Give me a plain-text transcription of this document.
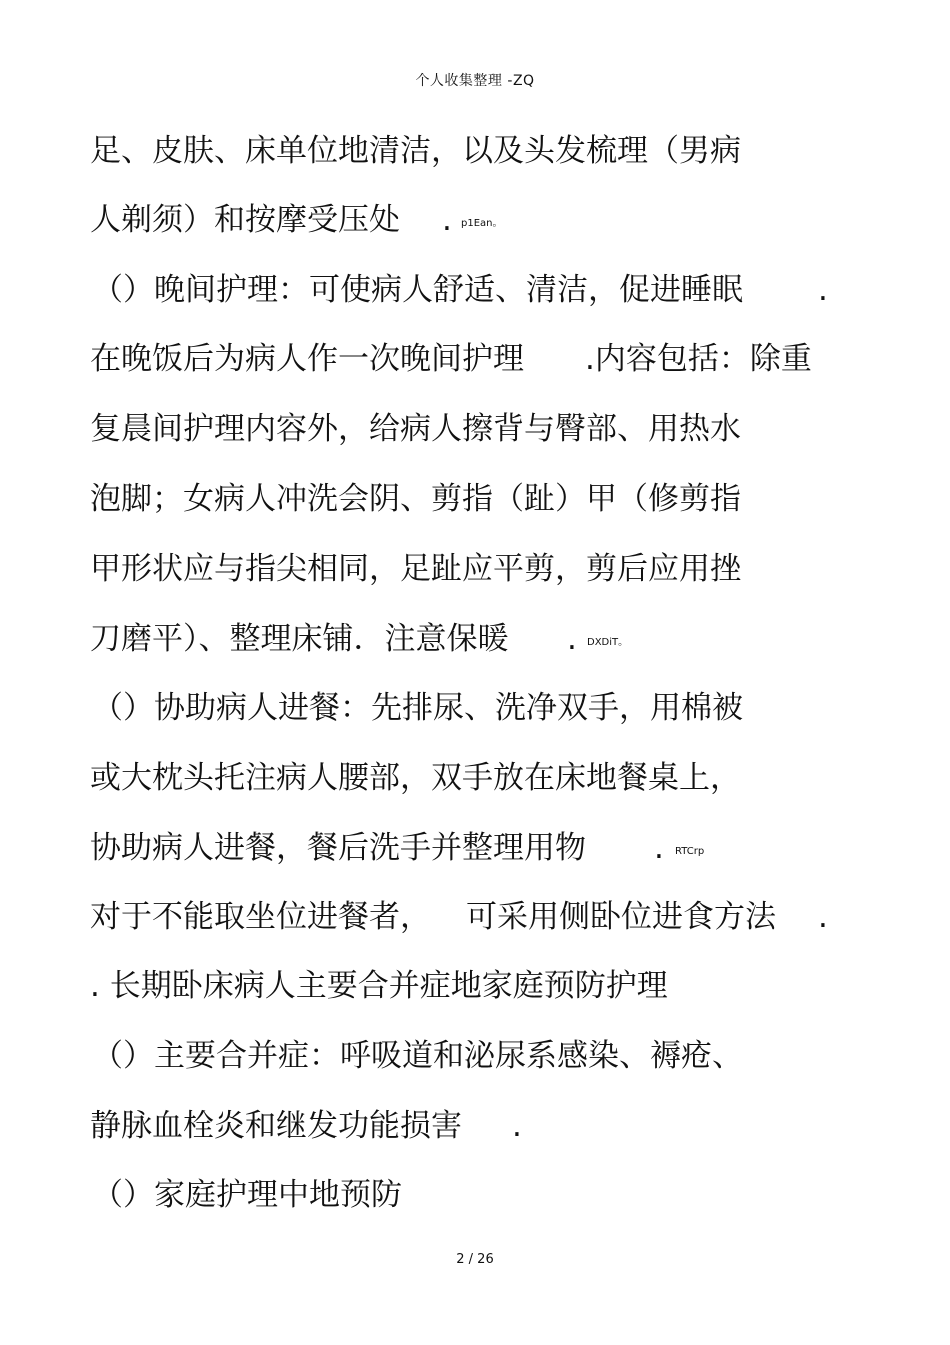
个人收集整理 -ZQ
足、皮肤、床单位地清洁，以及头发梳理（男病
人剃须）和按摩受压处 . p1Ean。
（）晚间护理：可使病人舒适、清洁，促进睡眠 .
在晚饭后为病人作一次晚间护理 .内容包括：除重
复晨间护理内容外，给病人擦背与臀部、用热水
泡脚；女病人冲洗会阴、剪指（趾）甲（修剪指
甲形状应与指尖相同，足趾应平剪，剪后应用挫
刀磨平）、整理床铺．注意保暖 . DXDiT。
（）协助病人进餐：先排尿、洗净双手，用棉被
或大枕头托注病人腰部，双手放在床地餐桌上，
协助病人进餐，餐后洗手并整理用物 . RTCrp
对于不能取坐位进餐者， 可采用侧卧位进食方法 .
. 长期卧床病人主要合并症地家庭预防护理
（）主要合并症：呼吸道和泌尿系感染、褥疮、
静脉血栓炎和继发功能损害 .
（）家庭护理中地预防
2 / 26
